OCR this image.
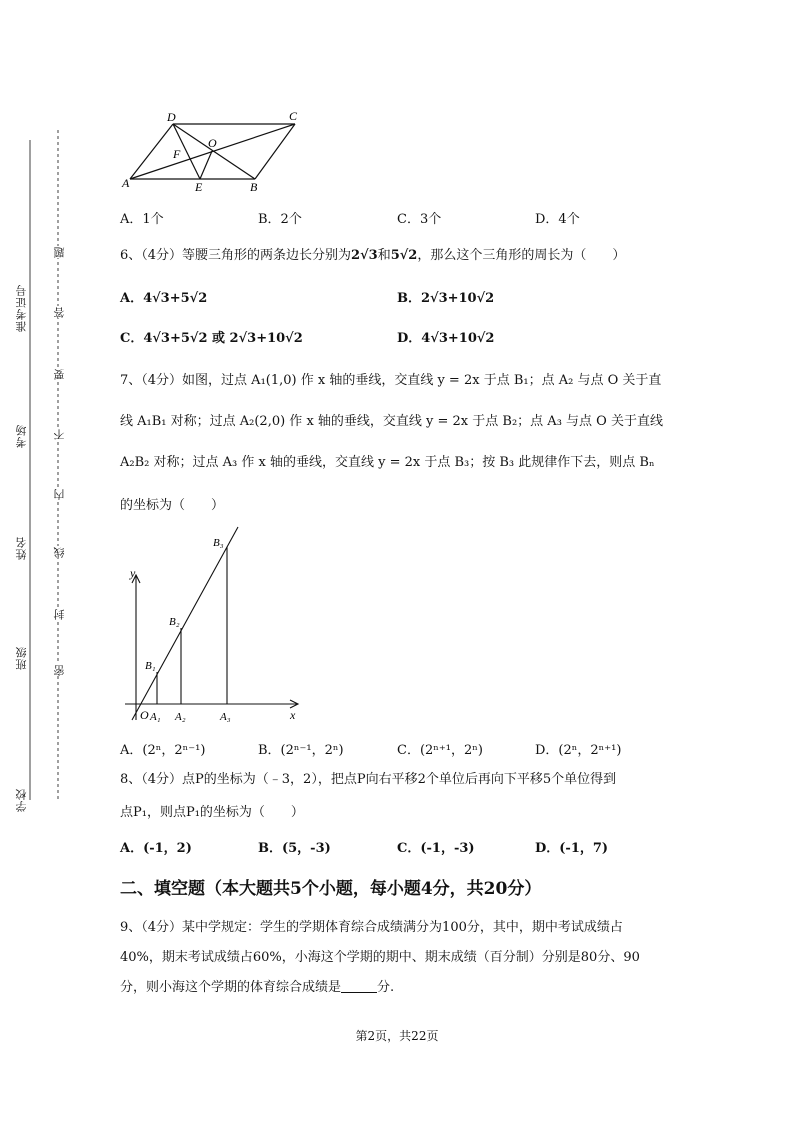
学校
班级
姓名
考场
准考证号
密
封
线
内
不
要
答
题
D	C
O
F
A	E	B
A．1个	B．2个	C．3个	D．4个
6、（4分）等腰三角形的两条边长分别为2√3和5√2，那么这个三角形的周长为（　　）
A．4√3+5√2	B．2√3+10√2
C．4√3+5√2 或 2√3+10√2	D．4√3+10√2
7、（4分）如图，过点 A₁(1,0) 作 x 轴的垂线，交直线 y = 2x 于点 B₁；点 A₂ 与点 O 关于直
线 A₁B₁ 对称；过点 A₂(2,0) 作 x 轴的垂线，交直线 y = 2x 于点 B₂；点 A₃ 与点 O 关于直线
A₂B₂ 对称；过点 A₃ 作 x 轴的垂线，交直线 y = 2x 于点 B₃；按 B₃ 此规律作下去，则点 Bₙ
的坐标为（　　）
y
x
O A₁ A₂	A₃
B₁
B₂
B₃
A．(2ⁿ，2ⁿ⁻¹)	B．(2ⁿ⁻¹，2ⁿ)	C．(2ⁿ⁺¹，2ⁿ)	D．(2ⁿ，2ⁿ⁺¹)
8、（4分）点P的坐标为（﹣3，2），把点P向右平移2个单位后再向下平移5个单位得到
点P₁，则点P₁的坐标为（　　）
A．(-1，2)	B．(5，-3)	C．(-1，-3)	D．(-1，7)
二、填空题（本大题共5个小题，每小题4分，共20分）
9、（4分）某中学规定：学生的学期体育综合成绩满分为100分，其中，期中考试成绩占
40%，期末考试成绩占60%，小海这个学期的期中、期末成绩（百分制）分别是80分、90
分，则小海这个学期的体育综合成绩是	分.
第2页，共22页
